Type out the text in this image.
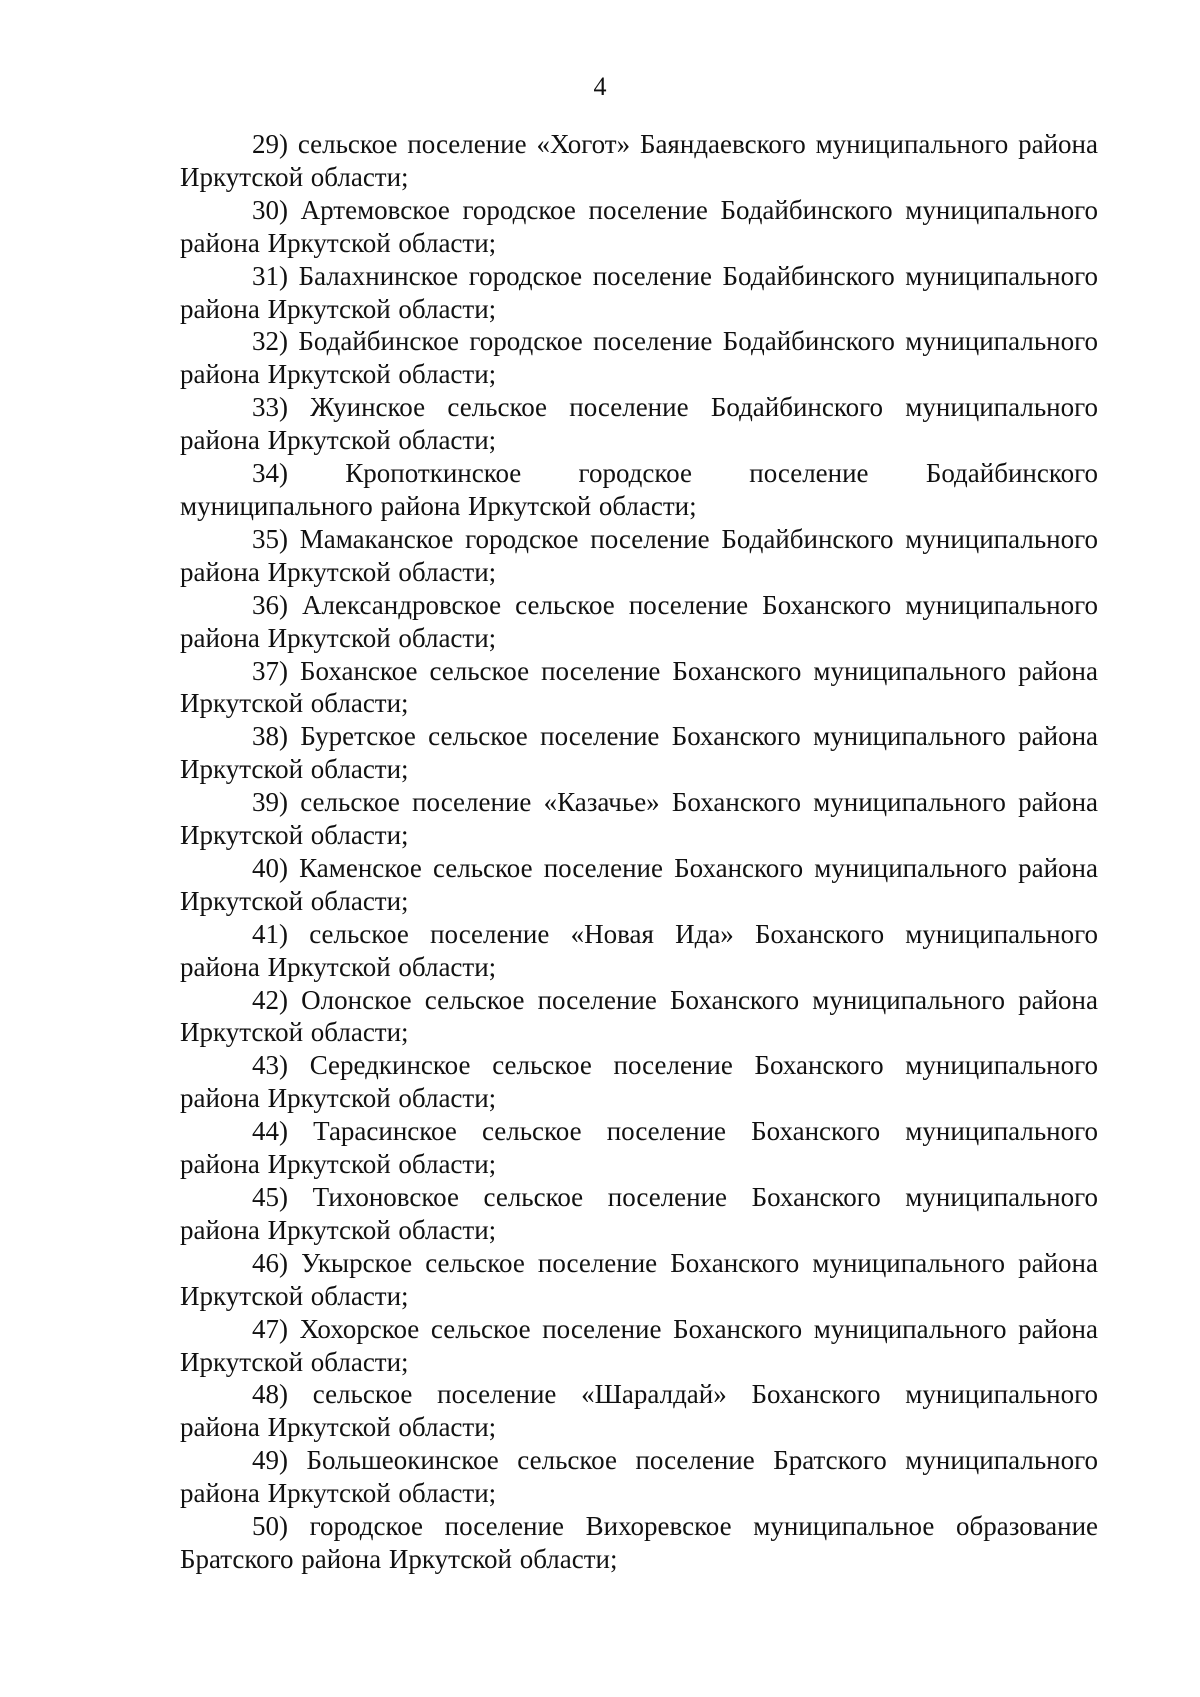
4

29) сельское поселение «Хогот» Баяндаевского муниципального района Иркутской области;

30) Артемовское городское поселение Бодайбинского муниципального района Иркутской области;

31) Балахнинское городское поселение Бодайбинского муниципального района Иркутской области;

32) Бодайбинское городское поселение Бодайбинского муниципального района Иркутской области;

33) Жуинское сельское поселение Бодайбинского муниципального района Иркутской области;

34) Кропоткинское городское поселение Бодайбинского муниципального района Иркутской области;

35) Мамаканское городское поселение Бодайбинского муниципального района Иркутской области;

36) Александровское сельское поселение Боханского муниципального района Иркутской области;

37) Боханское сельское поселение Боханского муниципального района Иркутской области;

38) Буретское сельское поселение Боханского муниципального района Иркутской области;

39) сельское поселение «Казачье» Боханского муниципального района Иркутской области;

40) Каменское сельское поселение Боханского муниципального района Иркутской области;

41) сельское поселение «Новая Ида» Боханского муниципального района Иркутской области;

42) Олонское сельское поселение Боханского муниципального района Иркутской области;

43) Середкинское сельское поселение Боханского муниципального района Иркутской области;

44) Тарасинское сельское поселение Боханского муниципального района Иркутской области;

45) Тихоновское сельское поселение Боханского муниципального района Иркутской области;

46) Укырское сельское поселение Боханского муниципального района Иркутской области;

47) Хохорское сельское поселение Боханского муниципального района Иркутской области;

48) сельское поселение «Шаралдай» Боханского муниципального района Иркутской области;

49) Большеокинское сельское поселение Братского муниципального района Иркутской области;

50) городское поселение Вихоревское муниципальное образование Братского района Иркутской области;
